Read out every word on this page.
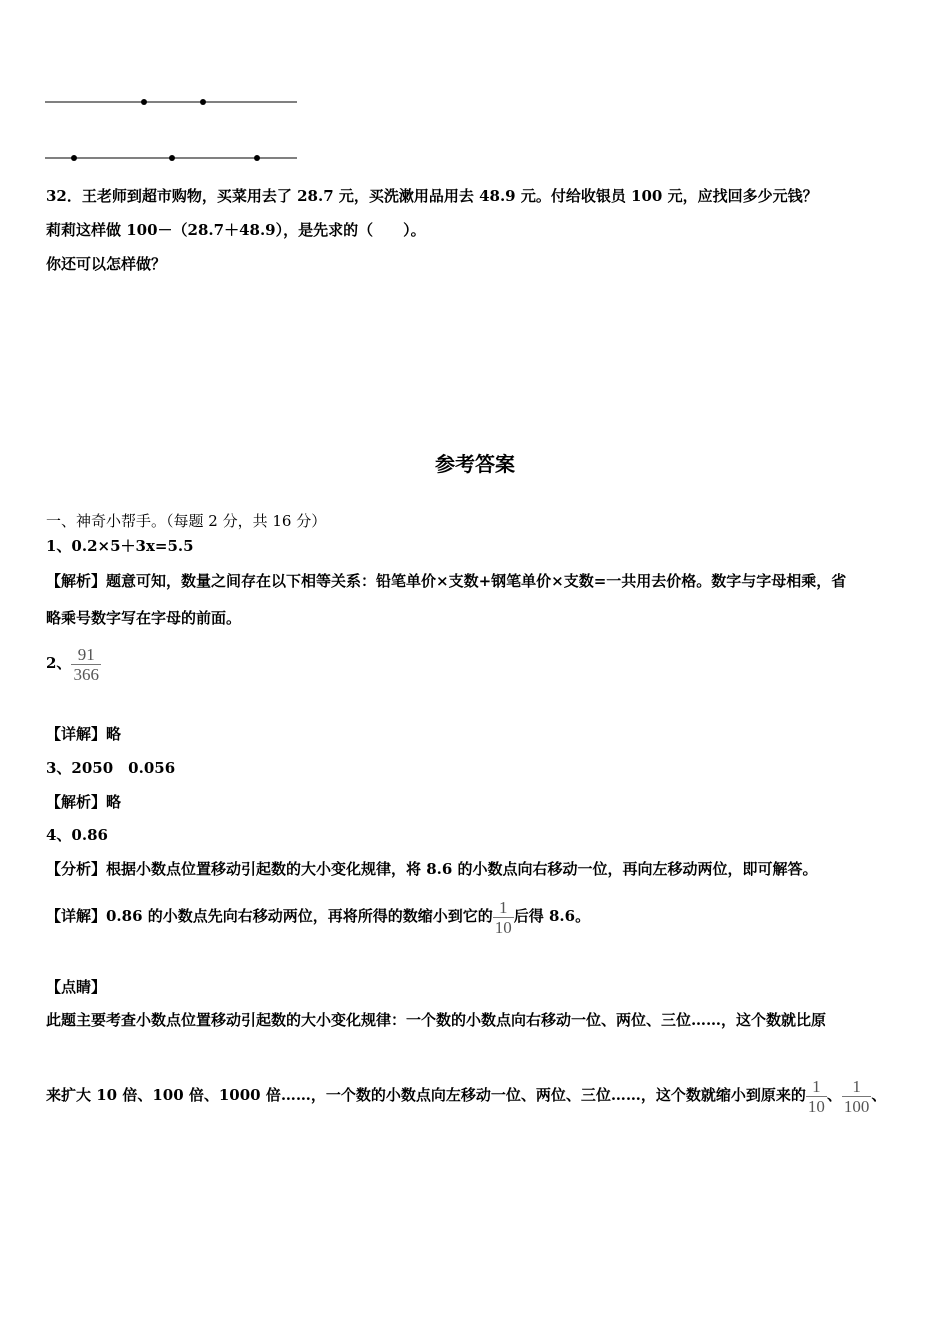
32．王老师到超市购物，买菜用去了 28.7 元，买洗漱用品用去 48.9 元。付给收银员 100 元，应找回多少元钱？
莉莉这样做 100－（28.7＋48.9），是先求的（　　）。
你还可以怎样做？
参考答案
一、神奇小帮手。（每题 2 分，共 16 分）
1、0.2×5＋3x=5.5
【解析】题意可知，数量之间存在以下相等关系：铅笔单价×支数+钢笔单价×支数=一共用去价格。数字与字母相乘，省
略乘号数字写在字母的前面。
2、 $\frac{91}{366}$
【详解】略
3、2050　0.056
【解析】略
4、0.86
【分析】根据小数点位置移动引起数的大小变化规律，将 8.6 的小数点向右移动一位，再向左移动两位，即可解答。
【详解】0.86 的小数点先向右移动两位，再将所得的数缩小到它的 $\frac{1}{10}$ 后得 8.6。
【点睛】
此题主要考查小数点位置移动引起数的大小变化规律：一个数的小数点向右移动一位、两位、三位……，这个数就比原
来扩大 10 倍、100 倍、1000 倍……，一个数的小数点向左移动一位、两位、三位……，这个数就缩小到原来的 $\frac{1}{10}$ 、 $\frac{1}{100}$ 、
